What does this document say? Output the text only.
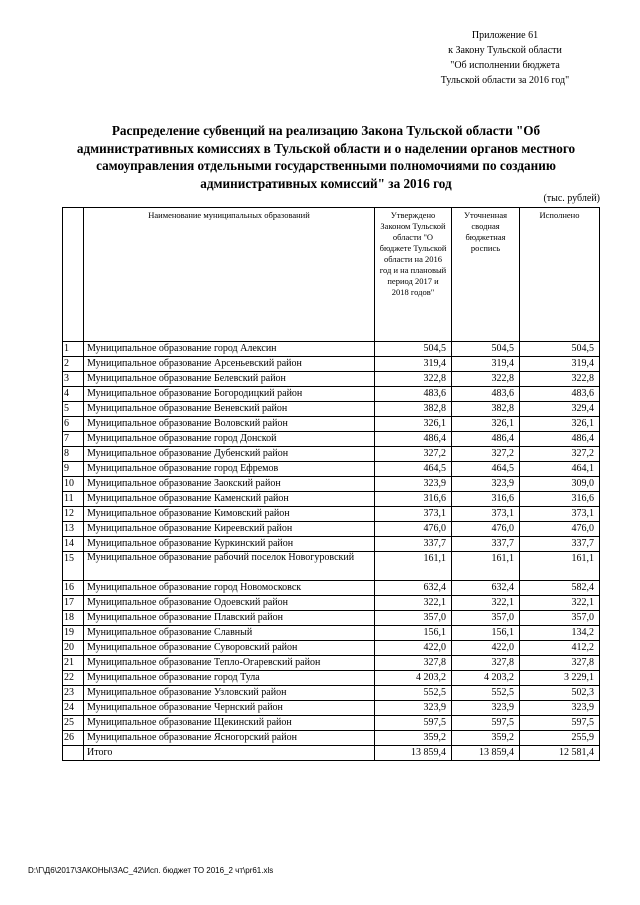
Приложение 61
к Закону Тульской области
"Об исполнении бюджета
Тульской области за 2016 год"
Распределение субвенций на реализацию Закона Тульской области "Об административных комиссиях в Тульской области и о наделении органов местного самоуправления отдельными государственными полномочиями по созданию административных комиссий" за 2016 год
(тыс. рублей)
	Наименование муниципальных образований	Утверждено Законом Тульской области "О бюджете Тульской области на 2016 год и на плановый период 2017 и 2018 годов"	Уточненная сводная бюджетная роспись	Исполнено
1	Муниципальное образование город Алексин	504,5	504,5	504,5
2	Муниципальное образование Арсеньевский район	319,4	319,4	319,4
3	Муниципальное образование Белевский район	322,8	322,8	322,8
4	Муниципальное образование Богородицкий район	483,6	483,6	483,6
5	Муниципальное образование Веневский район	382,8	382,8	329,4
6	Муниципальное образование Воловский район	326,1	326,1	326,1
7	Муниципальное образование город Донской	486,4	486,4	486,4
8	Муниципальное образование Дубенский район	327,2	327,2	327,2
9	Муниципальное образование город Ефремов	464,5	464,5	464,1
10	Муниципальное образование Заокский район	323,9	323,9	309,0
11	Муниципальное образование Каменский район	316,6	316,6	316,6
12	Муниципальное образование Кимовский район	373,1	373,1	373,1
13	Муниципальное образование Киреевский район	476,0	476,0	476,0
14	Муниципальное образование Куркинский район	337,7	337,7	337,7
15	Муниципальное образование рабочий поселок Новогуровский	161,1	161,1	161,1
16	Муниципальное образование город Новомосковск	632,4	632,4	582,4
17	Муниципальное образование Одоевский район	322,1	322,1	322,1
18	Муниципальное образование Плавский район	357,0	357,0	357,0
19	Муниципальное образование Славный	156,1	156,1	134,2
20	Муниципальное образование Суворовский район	422,0	422,0	412,2
21	Муниципальное образование Тепло-Огаревский район	327,8	327,8	327,8
22	Муниципальное образование город Тула	4 203,2	4 203,2	3 229,1
23	Муниципальное образование Узловский район	552,5	552,5	502,3
24	Муниципальное образование Чернский район	323,9	323,9	323,9
25	Муниципальное образование Щекинский район	597,5	597,5	597,5
26	Муниципальное образование Ясногорский район	359,2	359,2	255,9
	Итого	13 859,4	13 859,4	12 581,4
D:\Г\Д6\2017\ЗАКОНЫ\ЗАС_42\Исп. бюджет ТО 2016_2 чт\pr61.xls
